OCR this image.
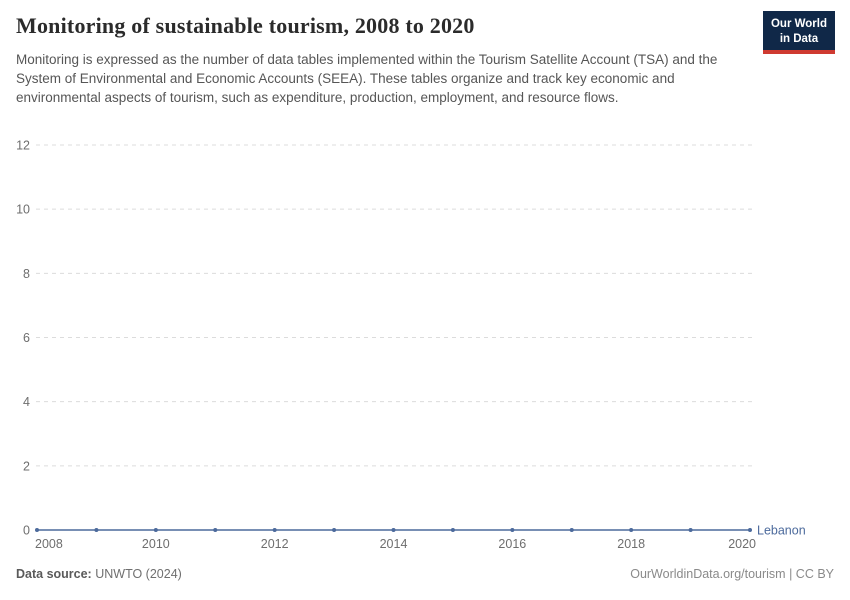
Monitoring of sustainable tourism, 2008 to 2020

Monitoring is expressed as the number of data tables implemented within the Tourism Satellite Account (TSA) and the System of Environmental and Economic Accounts (SEEA). These tables organize and track key economic and environmental aspects of tourism, such as expenditure, production, employment, and resource flows.

Our World
in Data
0
2
4
6
8
10
12
2008	2010	2012	2014	2016	2018	2020
Lebanon
Data source: UNWTO (2024)	OurWorldinData.org/tourism | CC BY
